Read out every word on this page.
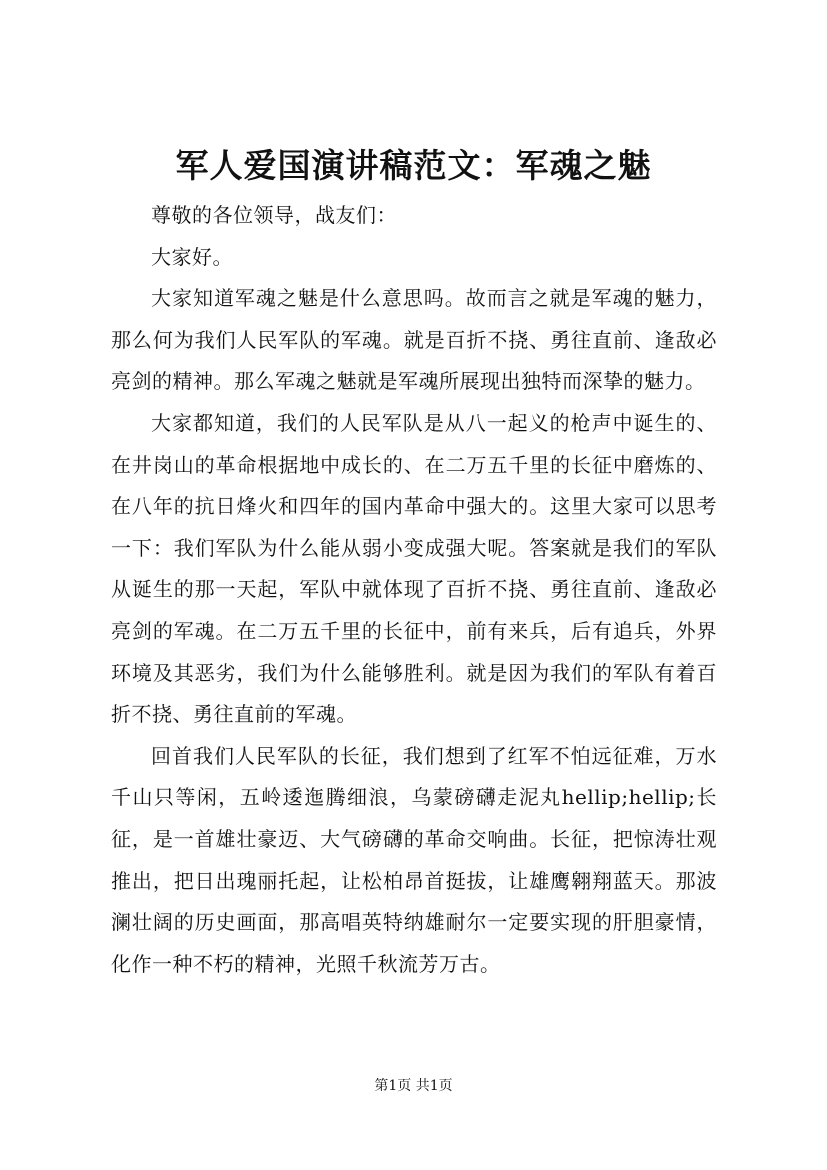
军人爱国演讲稿范文：军魂之魅

尊敬的各位领导，战友们：

大家好。

大家知道军魂之魅是什么意思吗。故而言之就是军魂的魅力，那么何为我们人民军队的军魂。就是百折不挠、勇往直前、逢敌必亮剑的精神。那么军魂之魅就是军魂所展现出独特而深挚的魅力。

大家都知道，我们的人民军队是从八一起义的枪声中诞生的、在井岗山的革命根据地中成长的、在二万五千里的长征中磨炼的、在八年的抗日烽火和四年的国内革命中强大的。这里大家可以思考一下：我们军队为什么能从弱小变成强大呢。答案就是我们的军队从诞生的那一天起，军队中就体现了百折不挠、勇往直前、逢敌必亮剑的军魂。在二万五千里的长征中，前有来兵，后有追兵，外界环境及其恶劣，我们为什么能够胜利。就是因为我们的军队有着百折不挠、勇往直前的军魂。

回首我们人民军队的长征，我们想到了红军不怕远征难，万水千山只等闲，五岭逶迤腾细浪，乌蒙磅礴走泥丸hellip;hellip;长征，是一首雄壮豪迈、大气磅礴的革命交响曲。长征，把惊涛壮观推出，把日出瑰丽托起，让松柏昂首挺拔，让雄鹰翱翔蓝天。那波澜壮阔的历史画面，那高唱英特纳雄耐尔一定要实现的肝胆豪情，化作一种不朽的精神，光照千秋流芳万古。

第1页 共1页
